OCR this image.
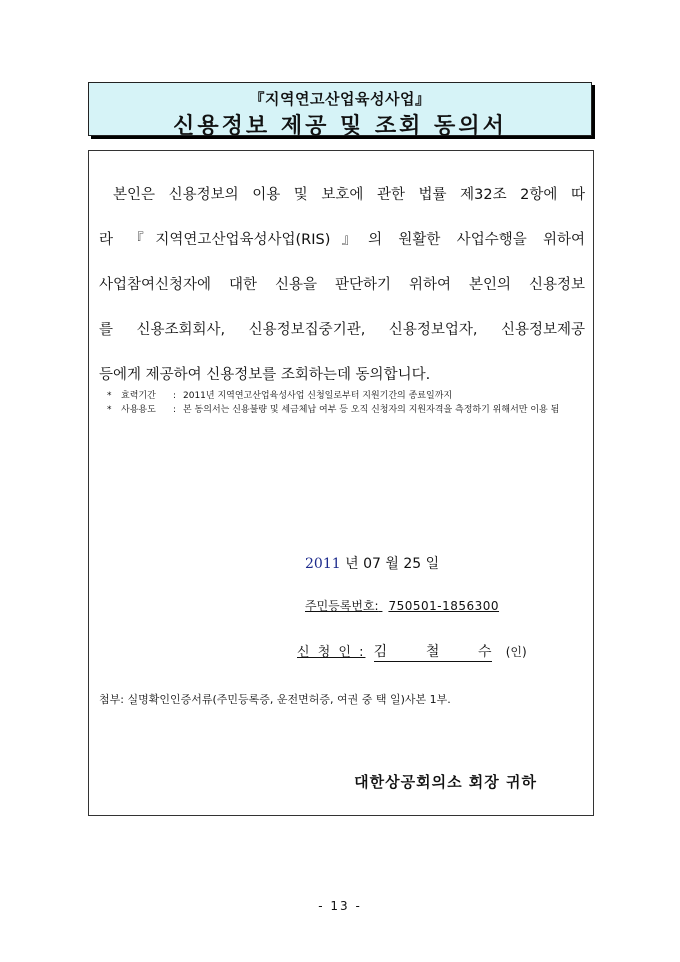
『지역연고산업육성사업』
신용정보 제공 및 조회 동의서
본인은 신용정보의 이용 및 보호에 관한 법률 제32조 2항에 따
라 『지역연고산업육성사업(RIS)』의 원활한 사업수행을 위하여
사업참여신청자에 대한 신용을 판단하기 위하여 본인의 신용정보
를 신용조회회사, 신용정보집중기관, 신용정보업자, 신용정보제공
등에게 제공하여 신용정보를 조회하는데 동의합니다.
*	효력기간	: 2011년 지역연고산업육성사업 신청일로부터 지원기간의 종료일까지
*	사용용도	: 본 동의서는 신용불량 및 세금체납 여부 등 오직 신청자의 지원자격을 측정하기 위해서만 이용 됨
2011 년 07 월 25 일
주민등록번호: 750501-1856300
신 청 인 : 김 철 수 (인)
첨부: 실명확인인증서류(주민등록증, 운전면허증, 여권 중 택 일)사본 1부.
대한상공회의소 회장 귀하
- 13 -
